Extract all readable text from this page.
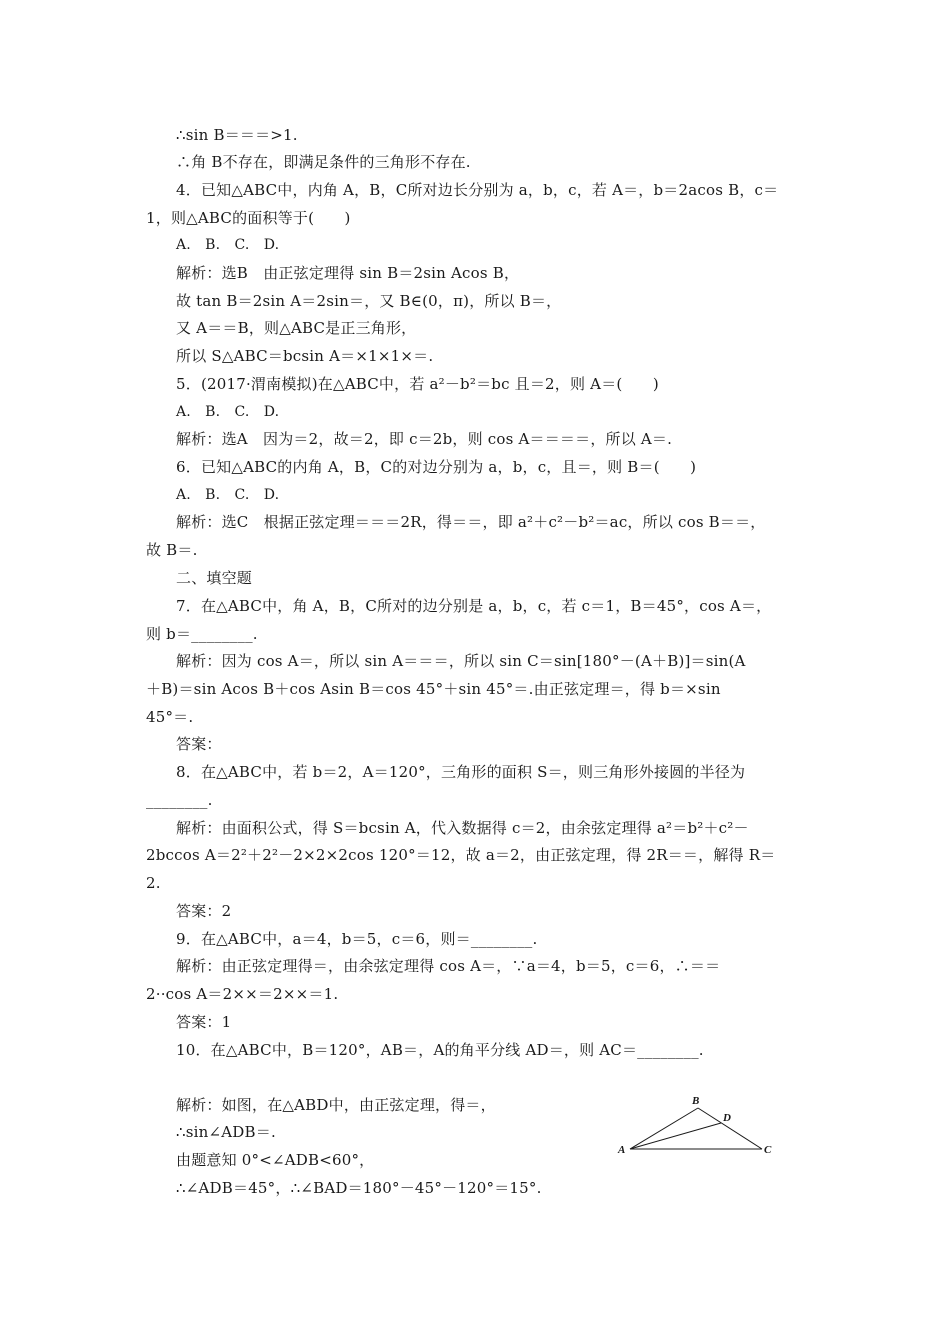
∴sin B＝＝＝>1.
∴角 B不存在，即满足条件的三角形不存在.
4．已知△ABC中，内角 A，B，C所对边长分别为 a，b，c，若 A＝，b＝2acos B，c＝
1，则△ABC的面积等于(　　)
A.　B.　C.　D.
解析：选B　由正弦定理得 sin B＝2sin Acos B，
故 tan B＝2sin A＝2sin＝，又 B∈(0，π)，所以 B＝，
又 A＝＝B，则△ABC是正三角形，
所以 S△ABC＝bcsin A＝×1×1×＝.
5．(2017·渭南模拟)在△ABC中，若 a²－b²＝bc 且＝2，则 A＝(　　)
A.　B.　C.　D.
解析：选A　因为＝2，故＝2，即 c＝2b，则 cos A＝＝＝＝，所以 A＝.
6．已知△ABC的内角 A，B，C的对边分别为 a，b，c，且＝，则 B＝(　　)
A.　B.　C.　D.
解析：选C　根据正弦定理＝＝＝2R，得＝＝，即 a²＋c²－b²＝ac，所以 cos B＝＝，
故 B＝.
二、填空题
7．在△ABC中，角 A，B，C所对的边分别是 a，b，c，若 c＝1，B＝45°，cos A＝，
则 b＝________.
解析：因为 cos A＝，所以 sin A＝＝＝，所以 sin C＝sin[180°－(A＋B)]＝sin(A
＋B)＝sin Acos B＋cos Asin B＝cos 45°＋sin 45°＝.由正弦定理＝，得 b＝×sin
45°＝.
答案：
8．在△ABC中，若 b＝2，A＝120°，三角形的面积 S＝，则三角形外接圆的半径为
________.
解析：由面积公式，得 S＝bcsin A，代入数据得 c＝2，由余弦定理得 a²＝b²＋c²－
2bccos A＝2²＋2²－2×2×2cos 120°＝12，故 a＝2，由正弦定理，得 2R＝＝，解得 R＝
2.
答案：2
9．在△ABC中，a＝4，b＝5，c＝6，则＝________.
解析：由正弦定理得＝，由余弦定理得 cos A＝，∵a＝4，b＝5，c＝6，∴＝＝
2··cos A＝2××＝2××＝1.
答案：1
10．在△ABC中，B＝120°，AB＝，A的角平分线 AD＝，则 AC＝________.
解析：如图，在△ABD中，由正弦定理，得＝，
∴sin∠ADB＝.
由题意知 0°<∠ADB<60°，
∴∠ADB＝45°，∴∠BAD＝180°－45°－120°＝15°.
A
B
C
D
